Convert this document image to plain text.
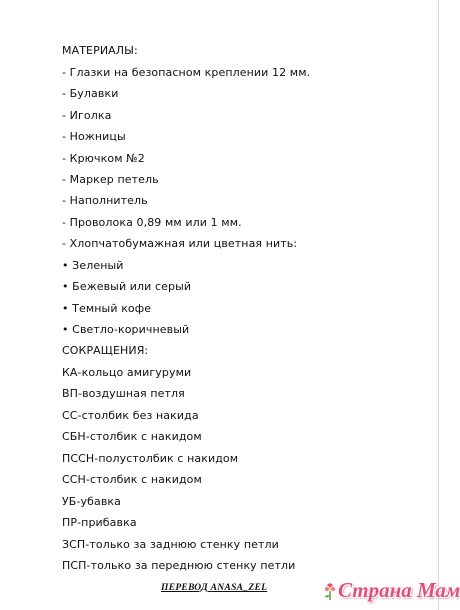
МАТЕРИАЛЫ:
- Глазки на безопасном креплении 12 мм.
- Булавки
- Иголка
- Ножницы
- Крючком №2
- Маркер петель
- Наполнитель
- Проволока 0,89 мм или 1 мм.
- Хлопчатобумажная или цветная нить:
• Зеленый
• Бежевый или серый
• Темный кофе
• Светло-коричневый
СОКРАЩЕНИЯ:
КА-кольцо амигуруми
ВП-воздушная петля
СС-столбик без накида
СБН-столбик с накидом
ПССН-полустолбик с накидом
ССН-столбик с накидом
УБ-убавка
ПР-прибавка
ЗСП-только за заднюю стенку петли
ПСП-только за переднюю стенку петли
ПЕРЕВОД ANASA_ZEL	Страна Мам
